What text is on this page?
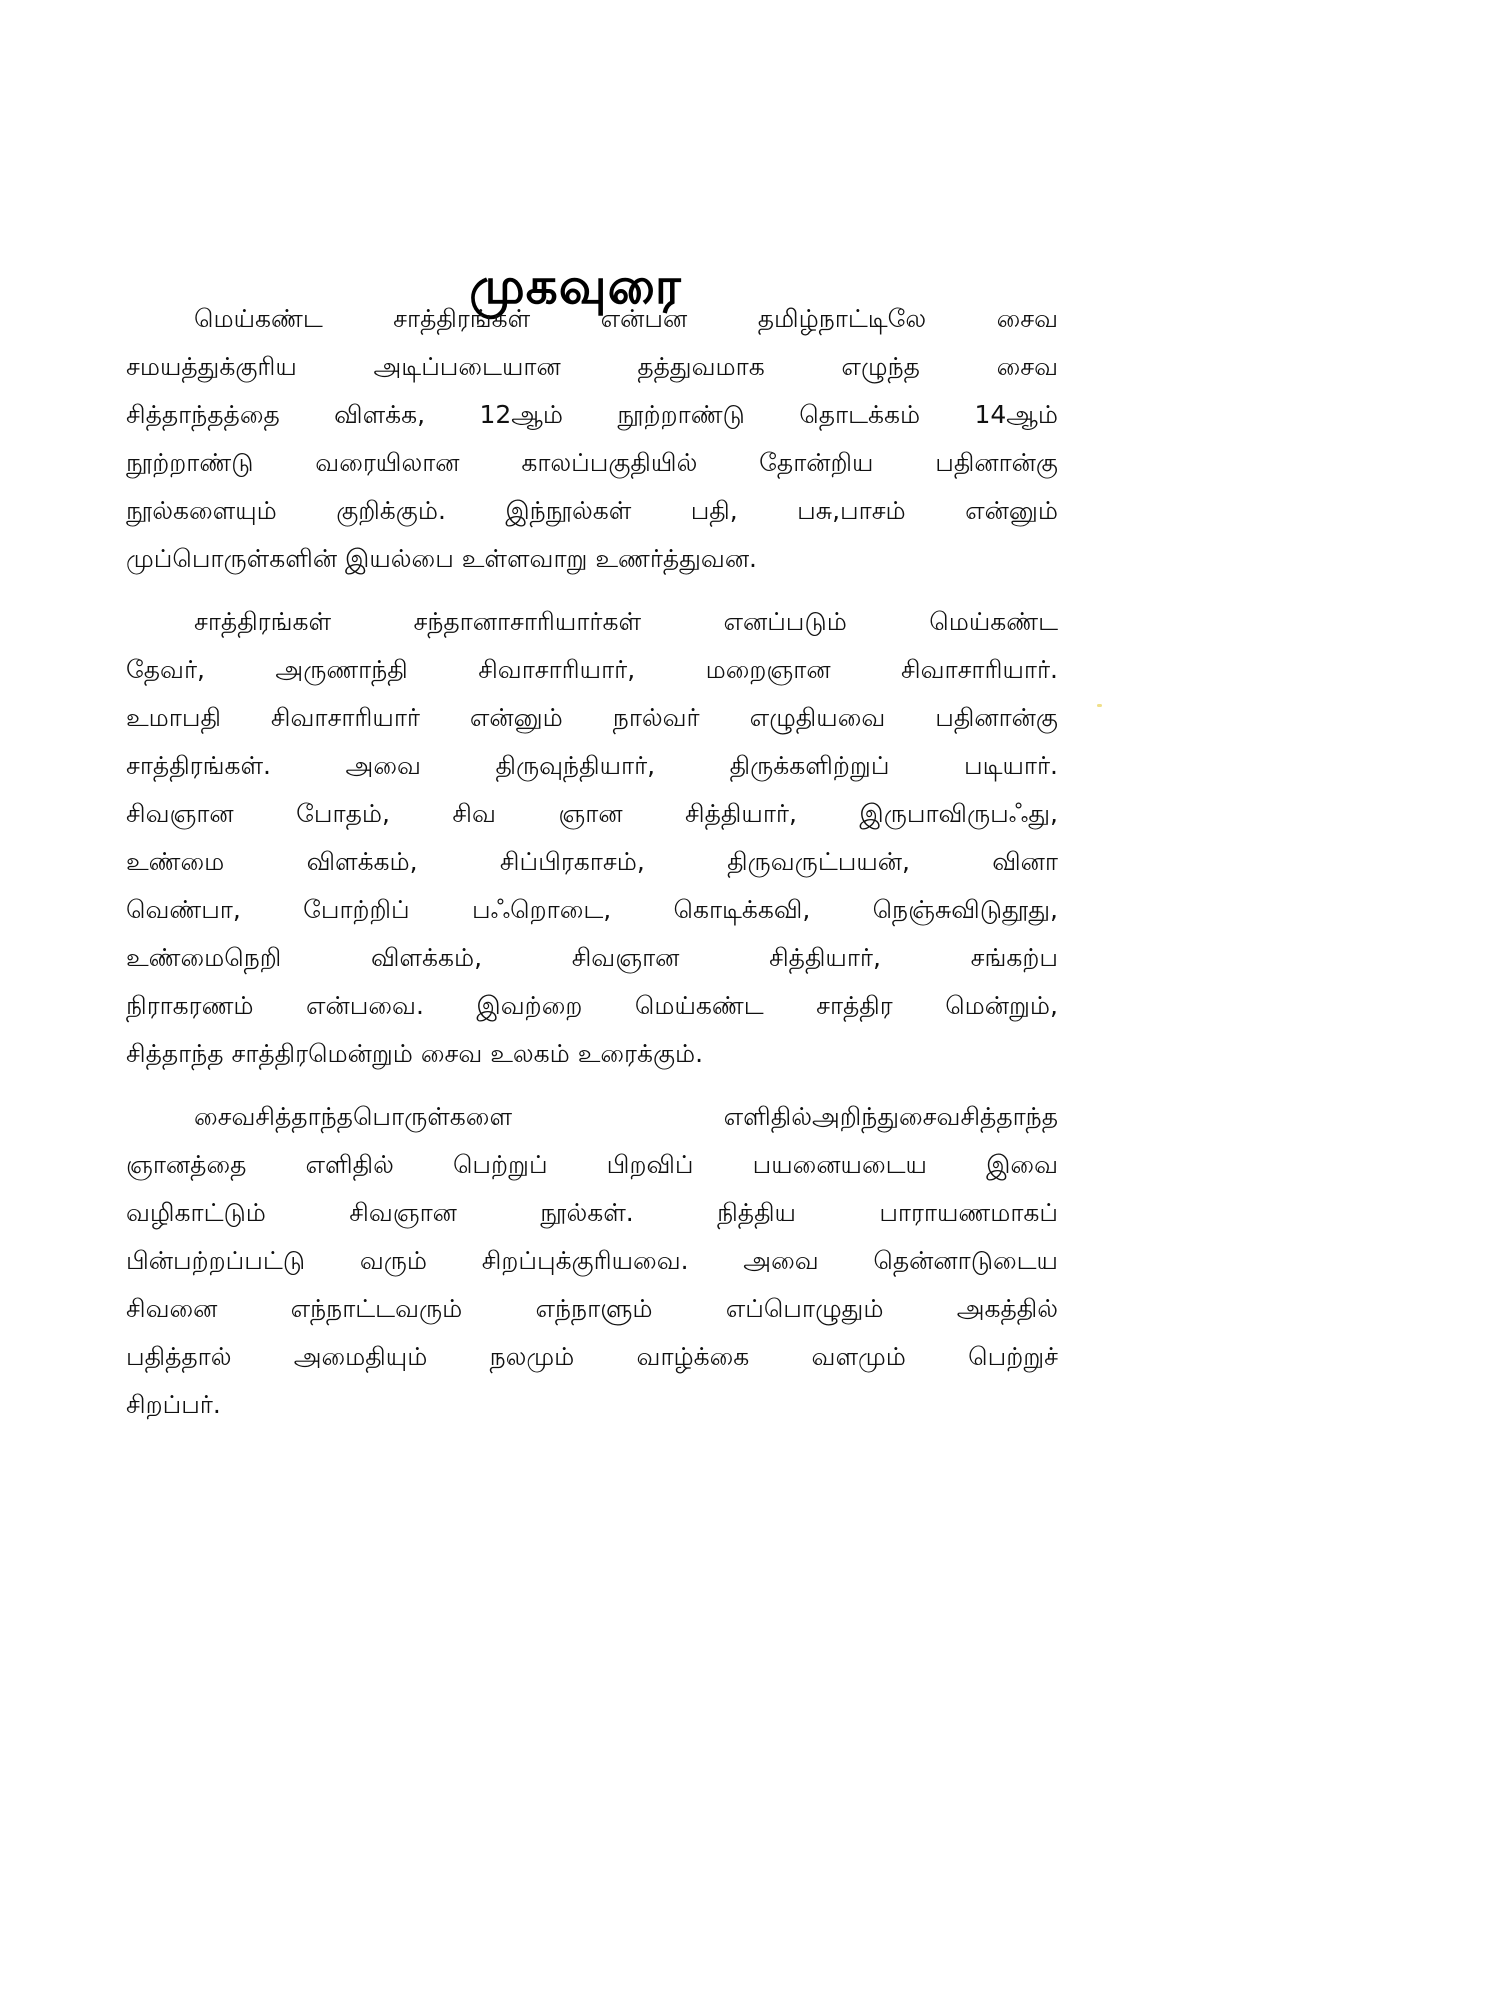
முகவுரை
மெய்கண்ட சாத்திரங்கள் என்பன தமிழ்நாட்டிலே சைவ
சமயத்துக்குரிய அடிப்படையான தத்துவமாக எழுந்த சைவ
சித்தாந்தத்தை விளக்க, 12ஆம் நூற்றாண்டு தொடக்கம் 14ஆம்
நூற்றாண்டு வரையிலான காலப்பகுதியில் தோன்றிய பதினான்கு
நூல்களையும் குறிக்கும். இந்நூல்கள் பதி, பசு,பாசம் என்னும்
முப்பொருள்களின் இயல்பை உள்ளவாறு உணர்த்துவன.
சாத்திரங்கள் சந்தானாசாரியார்கள் எனப்படும் மெய்கண்ட
தேவர், அருணாந்தி சிவாசாரியார், மறைஞான சிவாசாரியார்.
உமாபதி சிவாசாரியார் என்னும் நால்வர் எழுதியவை பதினான்கு
சாத்திரங்கள். அவை திருவுந்தியார், திருக்களிற்றுப் படியார்.
சிவஞான போதம், சிவ ஞான சித்தியார், இருபாவிருபஃது,
உண்மை விளக்கம், சிப்பிரகாசம், திருவருட்பயன், வினா
வெண்பா, போற்றிப் பஃறொடை, கொடிக்கவி, நெஞ்சுவிடுதூது,
உண்மைநெறி விளக்கம், சிவஞான சித்தியார், சங்கற்ப
நிராகரணம் என்பவை. இவற்றை மெய்கண்ட சாத்திர மென்றும்,
சித்தாந்த சாத்திரமென்றும் சைவ உலகம் உரைக்கும்.
சைவசித்தாந்தபொருள்களை எளிதில்அறிந்துசைவசித்தாந்த
ஞானத்தை எளிதில் பெற்றுப் பிறவிப் பயனையடைய இவை
வழிகாட்டும் சிவஞான நூல்கள். நித்திய பாராயணமாகப்
பின்பற்றப்பட்டு வரும் சிறப்புக்குரியவை. அவை தென்னாடுடைய
சிவனை எந்நாட்டவரும் எந்நாளும் எப்பொழுதும் அகத்தில்
பதித்தால் அமைதியும் நலமும் வாழ்க்கை வளமும் பெற்றுச்
சிறப்பர்.
